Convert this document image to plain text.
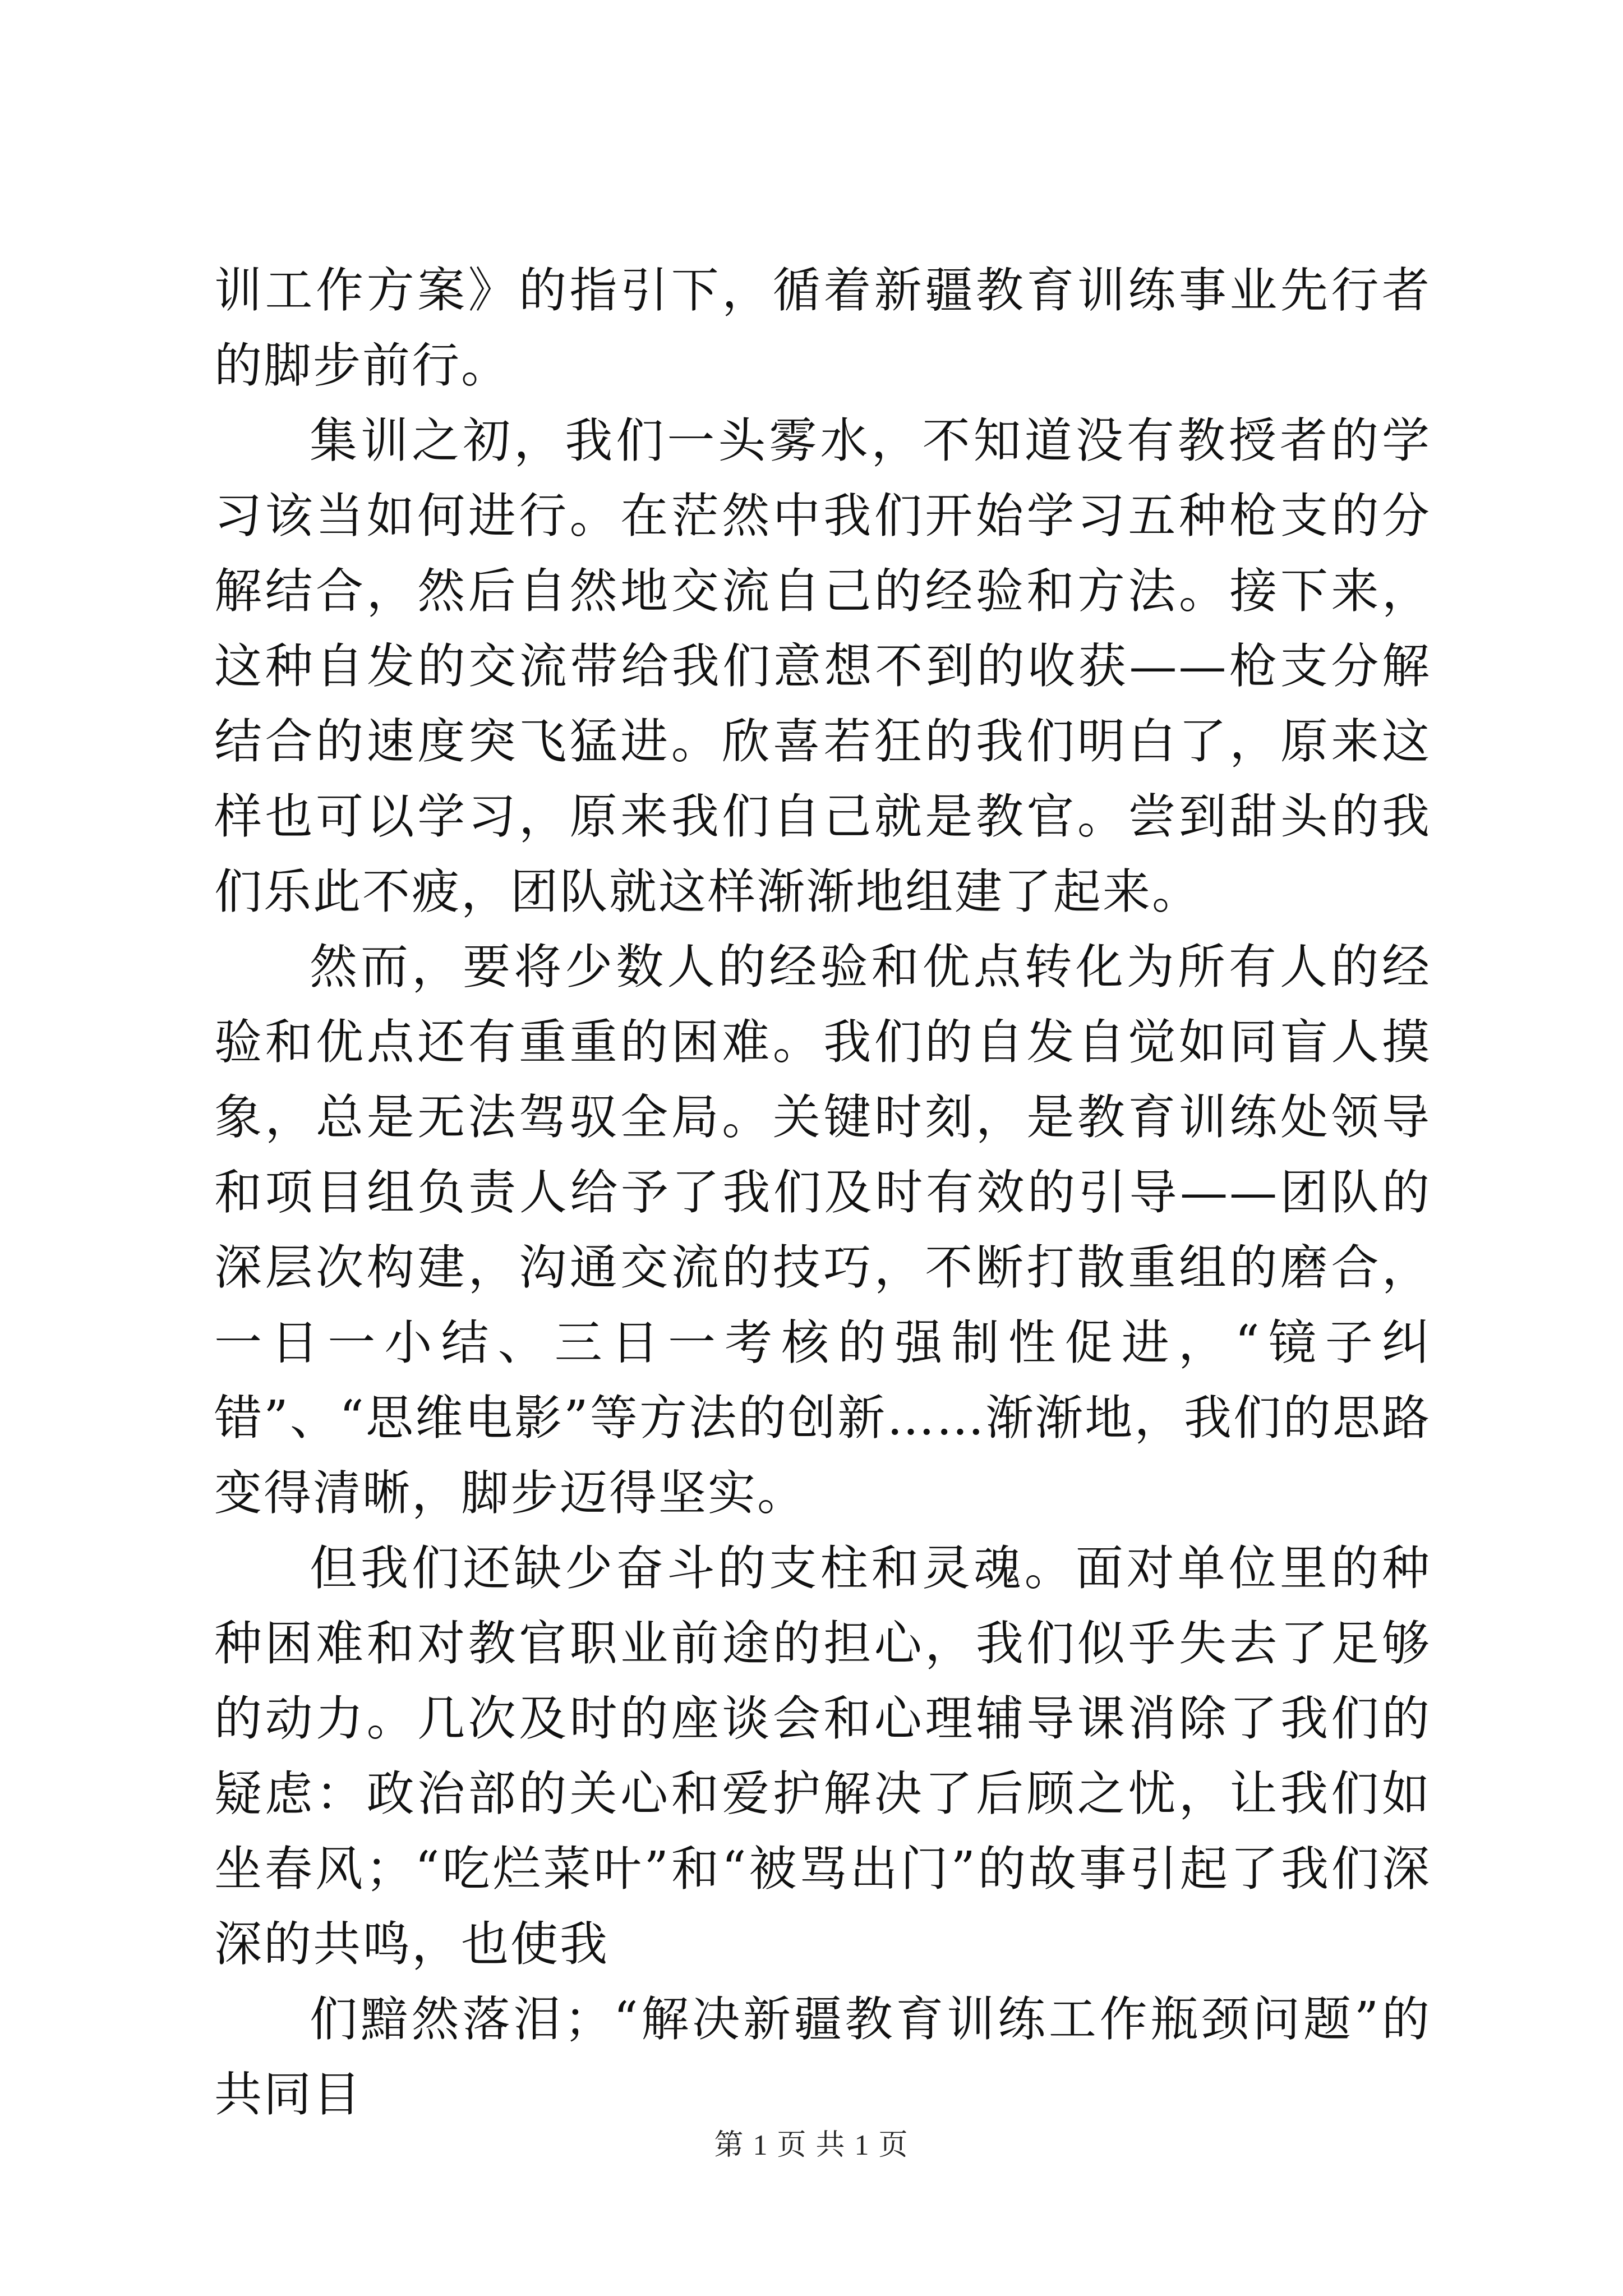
训工作方案》的指引下，循着新疆教育训练事业先行者的脚步前行。

集训之初，我们一头雾水，不知道没有教授者的学习该当如何进行。在茫然中我们开始学习五种枪支的分解结合，然后自然地交流自己的经验和方法。接下来，这种自发的交流带给我们意想不到的收获——枪支分解结合的速度突飞猛进。欣喜若狂的我们明白了，原来这样也可以学习，原来我们自己就是教官。尝到甜头的我们乐此不疲，团队就这样渐渐地组建了起来。

然而，要将少数人的经验和优点转化为所有人的经验和优点还有重重的困难。我们的自发自觉如同盲人摸象，总是无法驾驭全局。关键时刻，是教育训练处领导和项目组负责人给予了我们及时有效的引导——团队的深层次构建，沟通交流的技巧，不断打散重组的磨合，一日一小结、三日一考核的强制性促进，“镜子纠错”、“思维电影”等方法的创新……渐渐地，我们的思路变得清晰，脚步迈得坚实。

但我们还缺少奋斗的支柱和灵魂。面对单位里的种种困难和对教官职业前途的担心，我们似乎失去了足够的动力。几次及时的座谈会和心理辅导课消除了我们的疑虑：政治部的关心和爱护解决了后顾之忧，让我们如坐春风；“吃烂菜叶”和“被骂出门”的故事引起了我们深深的共鸣，也使我

们黯然落泪；“解决新疆教育训练工作瓶颈问题”的共同目

第 1 页 共 1 页
